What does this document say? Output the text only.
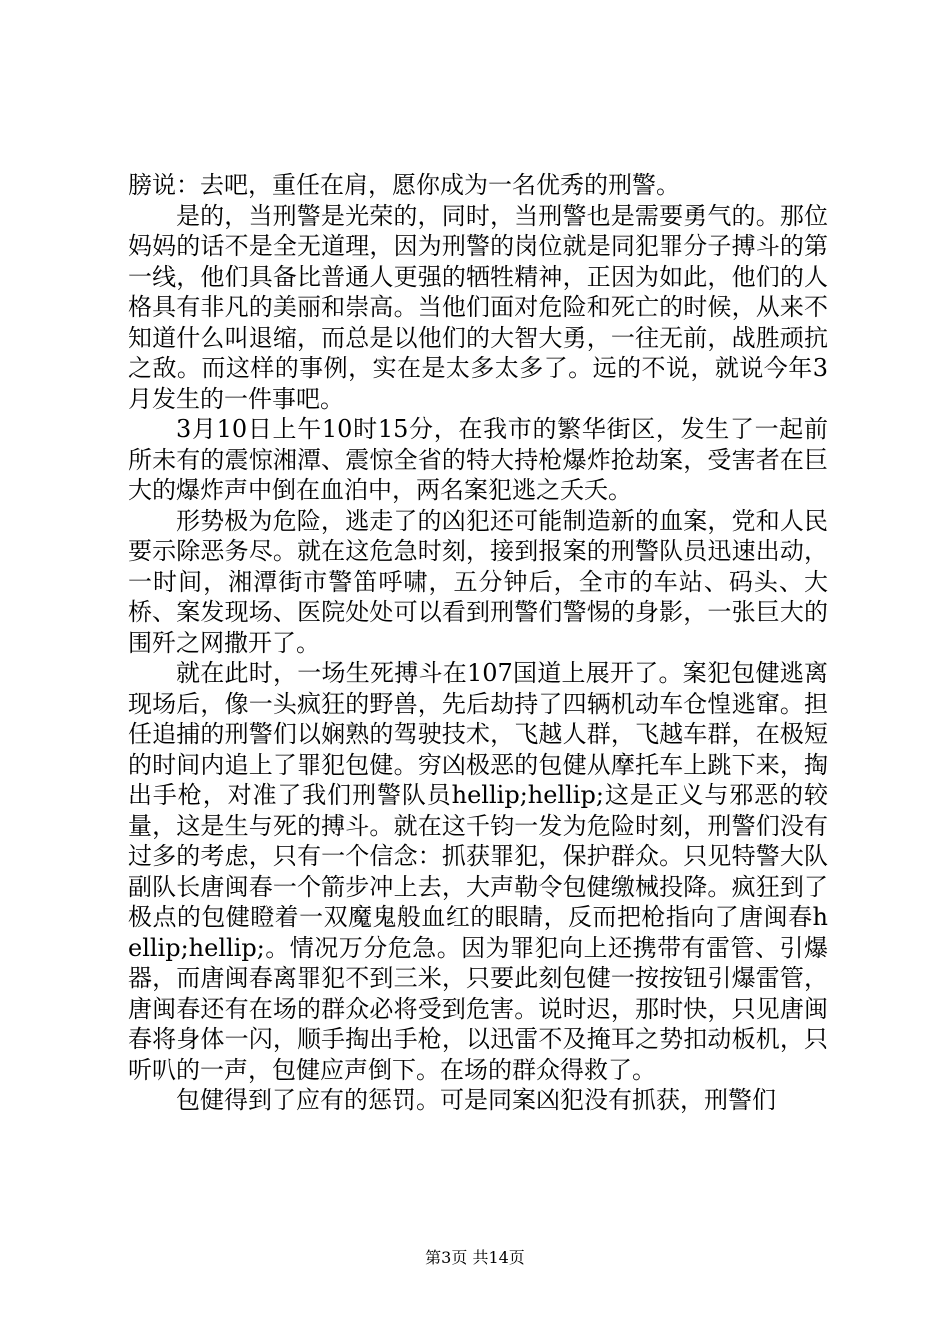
膀说：去吧，重任在肩，愿你成为一名优秀的刑警。

是的，当刑警是光荣的，同时，当刑警也是需要勇气的。那位妈妈的话不是全无道理，因为刑警的岗位就是同犯罪分子搏斗的第一线，他们具备比普通人更强的牺牲精神，正因为如此，他们的人格具有非凡的美丽和崇高。当他们面对危险和死亡的时候，从来不知道什么叫退缩，而总是以他们的大智大勇，一往无前，战胜顽抗之敌。而这样的事例，实在是太多太多了。远的不说，就说今年3月发生的一件事吧。

3月10日上午10时15分，在我市的繁华街区，发生了一起前所未有的震惊湘潭、震惊全省的特大持枪爆炸抢劫案，受害者在巨大的爆炸声中倒在血泊中，两名案犯逃之夭夭。

形势极为危险，逃走了的凶犯还可能制造新的血案，党和人民要示除恶务尽。就在这危急时刻，接到报案的刑警队员迅速出动，一时间，湘潭街市警笛呼啸，五分钟后，全市的车站、码头、大桥、案发现场、医院处处可以看到刑警们警惕的身影，一张巨大的围歼之网撒开了。

就在此时，一场生死搏斗在107国道上展开了。案犯包健逃离现场后，像一头疯狂的野兽，先后劫持了四辆机动车仓惶逃窜。担任追捕的刑警们以娴熟的驾驶技术，飞越人群，飞越车群，在极短的时间内追上了罪犯包健。穷凶极恶的包健从摩托车上跳下来，掏出手枪，对准了我们刑警队员hellip;hellip;这是正义与邪恶的较量，这是生与死的搏斗。就在这千钧一发为危险时刻，刑警们没有过多的考虑，只有一个信念：抓获罪犯，保护群众。只见特警大队副队长唐闽春一个箭步冲上去，大声勒令包健缴械投降。疯狂到了极点的包健瞪着一双魔鬼般血红的眼睛，反而把枪指向了唐闽春hellip;hellip;。情况万分危急。因为罪犯向上还携带有雷管、引爆器，而唐闽春离罪犯不到三米，只要此刻包健一按按钮引爆雷管，唐闽春还有在场的群众必将受到危害。说时迟，那时快，只见唐闽春将身体一闪，顺手掏出手枪，以迅雷不及掩耳之势扣动板机，只听叭的一声，包健应声倒下。在场的群众得救了。

包健得到了应有的惩罚。可是同案凶犯没有抓获，刑警们

第3页 共14页
